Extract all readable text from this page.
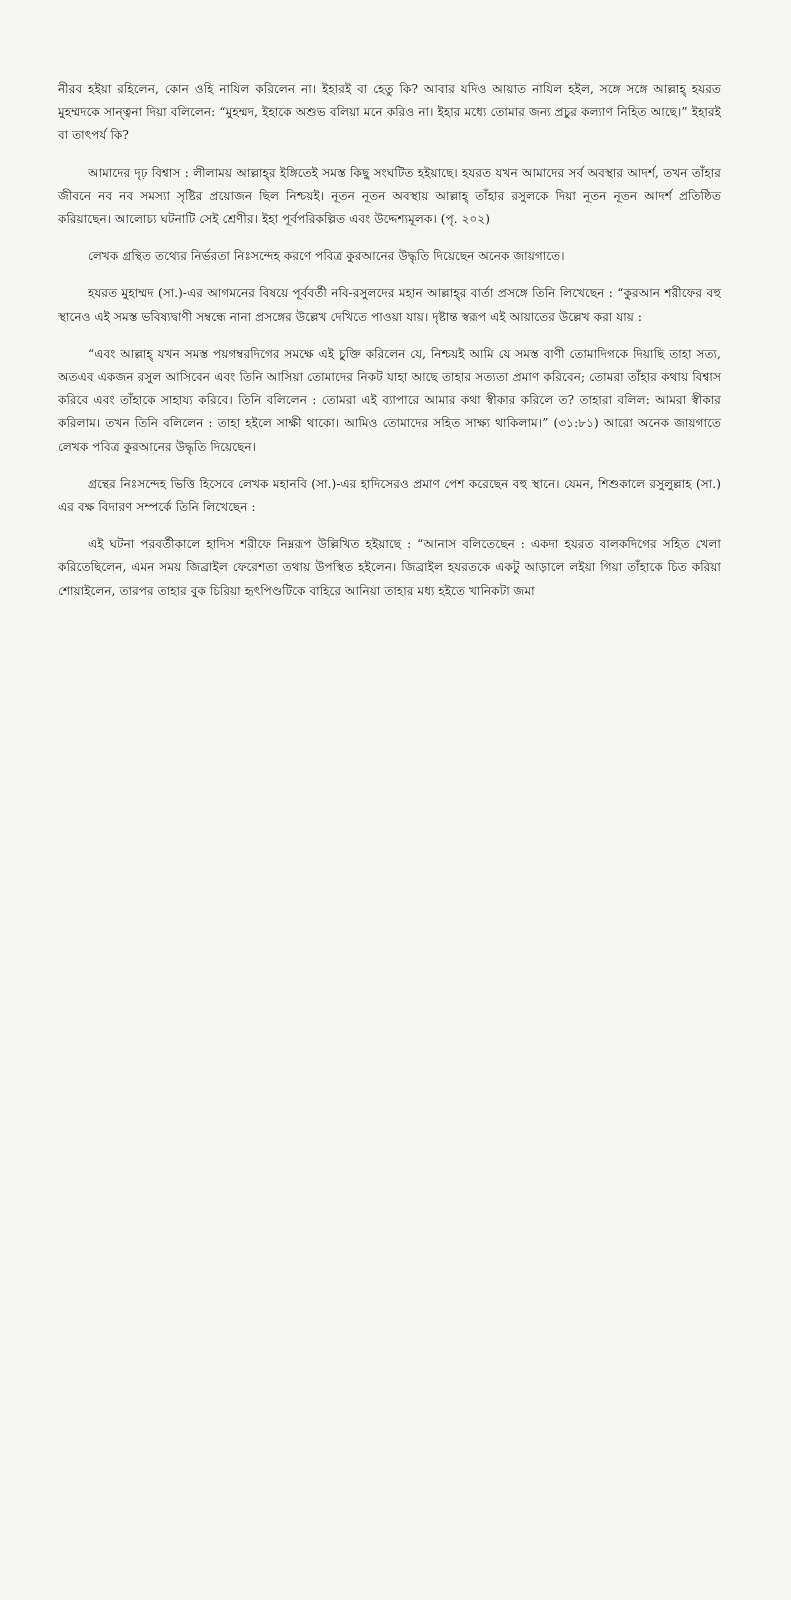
নীরব হইয়া রহিলেন, কোন ওহি নাযিল করিলেন না। ইহারই বা হেতু কি? আবার যদিও আয়াত নাযিল হইল, সঙ্গে সঙ্গে আল্লাহ্‌ হযরত মুহম্মদকে সান্ত্বনা দিয়া বলিলেন: “মুহম্মদ, ইহাকে অশুভ বলিয়া মনে করিও না। ইহার মধ্যে তোমার জন্য প্রচুর কল্যাণ নিহিত আছে।” ইহারই বা তাৎপর্য কি?

আমাদের দৃঢ় বিশ্বাস : লীলাময় আল্লাহ্‌র ইঙ্গিতেই সমস্ত কিছু সংঘটিত হইয়াছে। হযরত যখন আমাদের সর্ব অবস্থার আদর্শ, তখন তাঁহার জীবনে নব নব সমস্যা সৃষ্টির প্রয়োজন ছিল নিশ্চয়ই। নূতন নূতন অবস্থায় আল্লাহ্‌ তাঁহার রসুলকে দিয়া নূতন নূতন আদর্শ প্রতিষ্ঠিত করিয়াছেন। আলোচ্য ঘটনাটি সেই শ্রেণীর। ইহা পূর্বপরিকল্পিত এবং উদ্দেশ্যমূলক। (পৃ. ২০২)

লেখক গ্রন্থিত তথ্যের নির্ভরতা নিঃসন্দেহ করণে পবিত্র কুরআনের উদ্ধৃতি দিয়েছেন অনেক জায়গাতে।

হযরত মুহাম্মদ (সা.)-এর আগমনের বিষয়ে পূর্ববর্তী নবি-রসুলদের মহান আল্লাহ্‌র বার্তা প্রসঙ্গে তিনি লিখেছেন : “কুরআন শরীফের বহু স্থানেও এই সমস্ত ভবিষ্যদ্বাণী সম্বন্ধে নানা প্রসঙ্গের উল্লেখ দেখিতে পাওয়া যায়। দৃষ্টান্ত স্বরূপ এই আয়াতের উল্লেখ করা যায় :

“এবং আল্লাহ্‌ যখন সমস্ত পয়গম্বরদিগের সমক্ষে এই চুক্তি করিলেন যে, নিশ্চয়ই আমি যে সমস্ত বাণী তোমাদিগকে দিয়াছি তাহা সত্য, অতএব একজন রসুল আসিবেন এবং তিনি আসিয়া তোমাদের নিকট যাহা আছে তাহার সত্যতা প্রমাণ করিবেন; তোমরা তাঁহার কথায় বিশ্বাস করিবে এবং তাঁহাকে সাহায্য করিবে। তিনি বলিলেন : তোমরা এই ব্যাপারে আমার কথা স্বীকার করিলে ত? তাহারা বলিল: আমরা স্বীকার করিলাম। তখন তিনি বলিলেন : তাহা হইলে সাক্ষী থাকো। আমিও তোমাদের সহিত সাক্ষ্য থাকিলাম।” (৩১:৮১) আরো অনেক জায়গাতে লেখক পবিত্র কুরআনের উদ্ধৃতি দিয়েছেন।

গ্রন্থের নিঃসন্দেহ ভিত্তি হিসেবে লেখক মহানবি (সা.)-এর হাদিসেরও প্রমাণ পেশ করেছেন বহু স্থানে। যেমন, শিশুকালে রসুলুল্লাহ (সা.) এর বক্ষ বিদারণ সম্পর্কে তিনি লিখেছেন :

এই ঘটনা পরবর্তীকালে হাদিস শরীফে নিম্নরূপ উল্লিখিত হইয়াছে : “আনাস বলিতেছেন : একদা হযরত বালকদিগের সহিত খেলা করিতেছিলেন, এমন সময় জিব্রাইল ফেরেশতা তথায় উপস্থিত হইলেন। জিব্রাইল হযরতকে একটু আড়ালে লইয়া গিয়া তাঁহাকে চিত করিয়া শোয়াইলেন, তারপর তাহার বুক চিরিয়া হৃৎপিণ্ডটিকে বাহিরে আনিয়া তাহার মধ্য হইতে খানিকটা জমা
